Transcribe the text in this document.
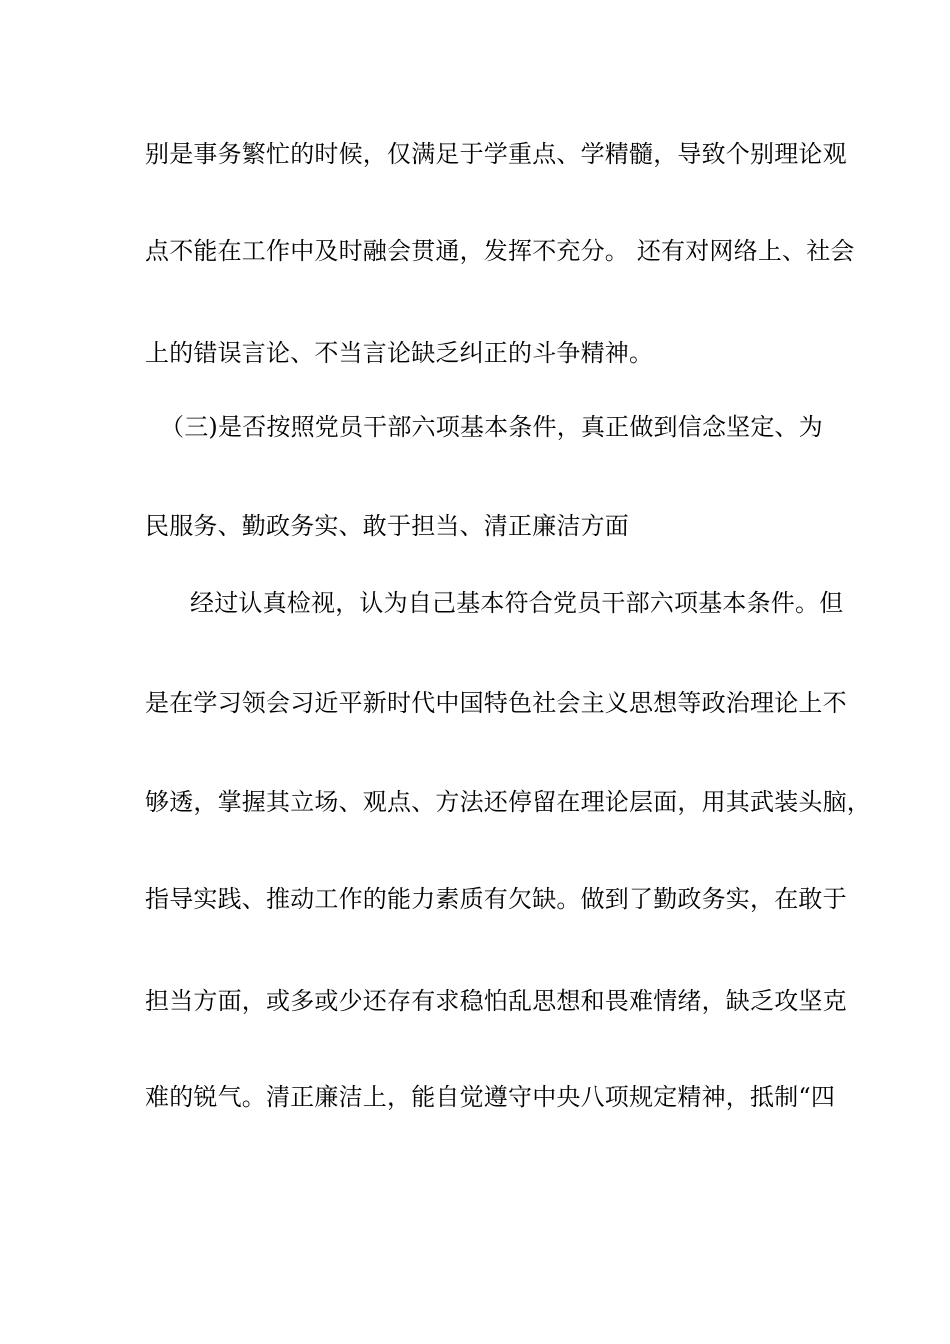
别是事务繁忙的时候，仅满足于学重点、学精髓，导致个别理论观
点不能在工作中及时融会贯通，发挥不充分。 还有对网络上、社会
上的错误言论、不当言论缺乏纠正的斗争精神。
（三)是否按照党员干部六项基本条件，真正做到信念坚定、为
民服务、勤政务实、敢于担当、清正廉洁方面
经过认真检视，认为自己基本符合党员干部六项基本条件。但
是在学习领会习近平新时代中国特色社会主义思想等政治理论上不
够透，掌握其立场、观点、方法还停留在理论层面，用其武装头脑，
指导实践、推动工作的能力素质有欠缺。做到了勤政务实，在敢于
担当方面，或多或少还存有求稳怕乱思想和畏难情绪，缺乏攻坚克
难的锐气。清正廉洁上，能自觉遵守中央八项规定精神，抵制“四
